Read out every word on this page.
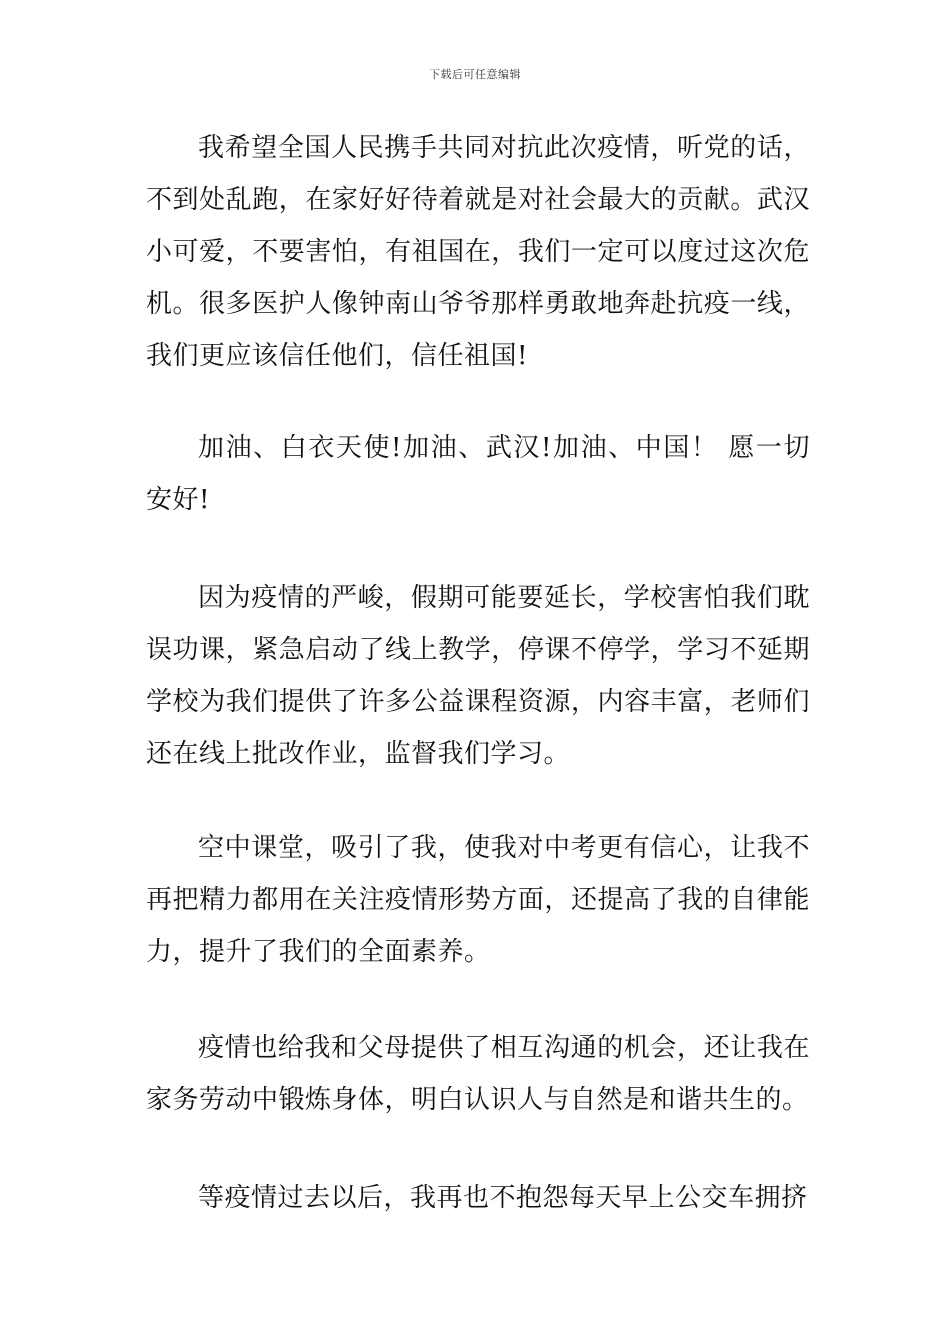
下载后可任意编辑

我希望全国人民携手共同对抗此次疫情，听党的话，不到处乱跑，在家好好待着就是对社会最大的贡献。武汉小可爱，不要害怕，有祖国在，我们一定可以度过这次危机。很多医护人像钟南山爷爷那样勇敢地奔赴抗疫一线，我们更应该信任他们，信任祖国!

加油、白衣天使!加油、武汉!加油、中国！ 愿一切安好!

因为疫情的严峻，假期可能要延长，学校害怕我们耽误功课，紧急启动了线上教学，停课不停学，学习不延期学校为我们提供了许多公益课程资源，内容丰富，老师们还在线上批改作业，监督我们学习。

空中课堂，吸引了我，使我对中考更有信心，让我不再把精力都用在关注疫情形势方面，还提高了我的自律能力，提升了我们的全面素养。

疫情也给我和父母提供了相互沟通的机会，还让我在家务劳动中锻炼身体，明白认识人与自然是和谐共生的。

等疫情过去以后，我再也不抱怨每天早上公交车拥挤
